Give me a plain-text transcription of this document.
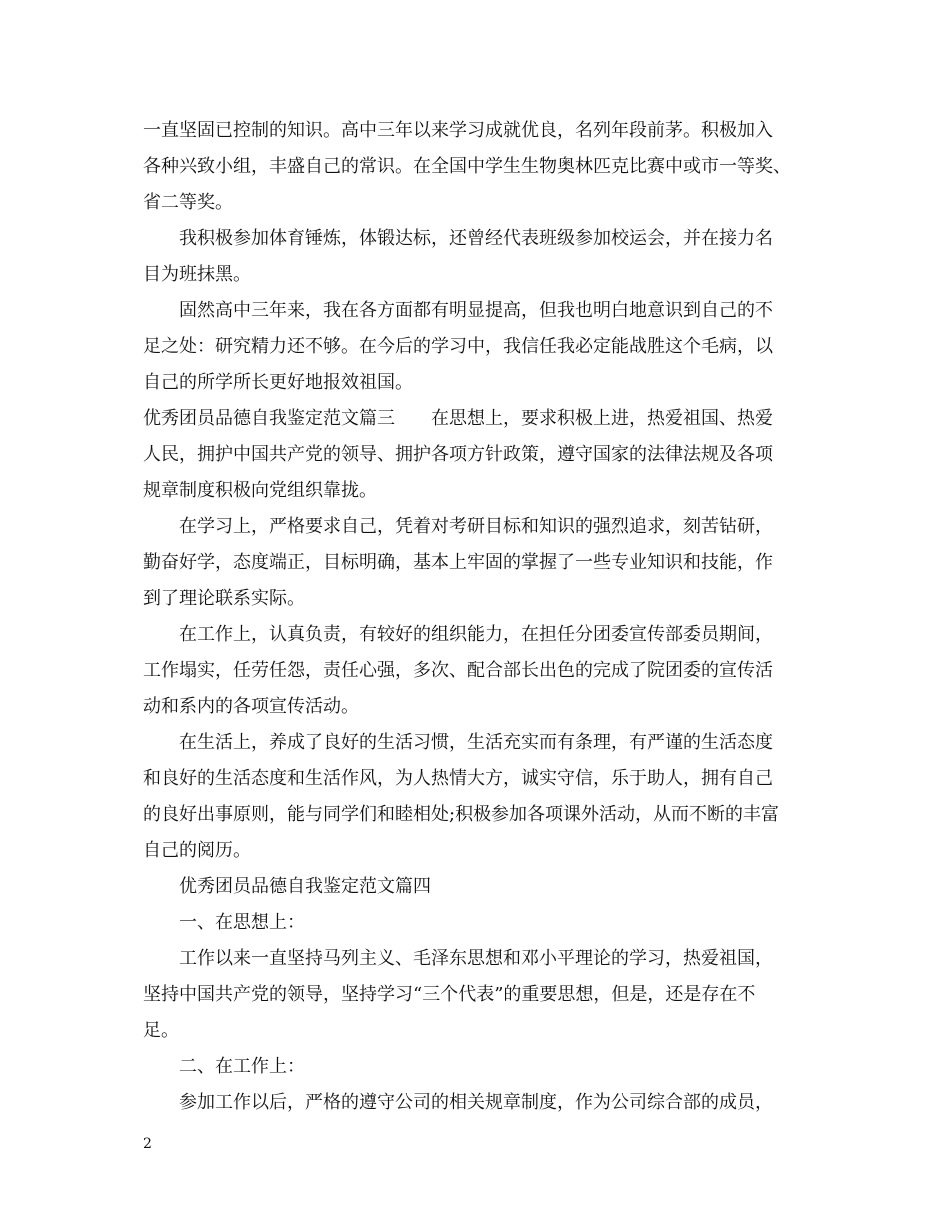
一直坚固已控制的知识。高中三年以来学习成就优良，名列年段前茅。积极加入
各种兴致小组，丰盛自己的常识。在全国中学生生物奥林匹克比赛中或市一等奖、
省二等奖。
我积极参加体育锤炼，体锻达标，还曾经代表班级参加校运会，并在接力名
目为班抹黑。
固然高中三年来，我在各方面都有明显提高，但我也明白地意识到自己的不
足之处：研究精力还不够。在今后的学习中，我信任我必定能战胜这个毛病，以
自己的所学所长更好地报效祖国。
优秀团员品德自我鉴定范文篇三　　在思想上，要求积极上进，热爱祖国、热爱
人民，拥护中国共产党的领导、拥护各项方针政策，遵守国家的法律法规及各项
规章制度积极向党组织靠拢。
在学习上，严格要求自己，凭着对考研目标和知识的强烈追求，刻苦钻研，
勤奋好学，态度端正，目标明确，基本上牢固的掌握了一些专业知识和技能，作
到了理论联系实际。
在工作上，认真负责，有较好的组织能力，在担任分团委宣传部委员期间，
工作塌实，任劳任怨，责任心强，多次、配合部长出色的完成了院团委的宣传活
动和系内的各项宣传活动。
在生活上，养成了良好的生活习惯，生活充实而有条理，有严谨的生活态度
和良好的生活态度和生活作风，为人热情大方，诚实守信，乐于助人，拥有自己
的良好出事原则，能与同学们和睦相处;积极参加各项课外活动，从而不断的丰富
自己的阅历。
优秀团员品德自我鉴定范文篇四
一、在思想上：
工作以来一直坚持马列主义、毛泽东思想和邓小平理论的学习，热爱祖国，
坚持中国共产党的领导，坚持学习“三个代表”的重要思想，但是，还是存在不
足。
二、在工作上：
参加工作以后，严格的遵守公司的相关规章制度，作为公司综合部的成员，
2
